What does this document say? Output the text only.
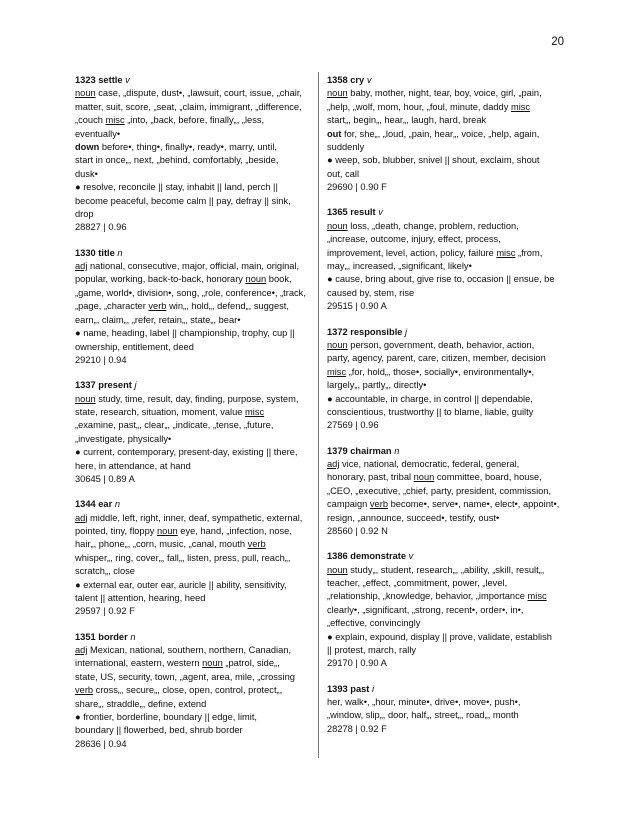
20
1323 settle v
noun case, „dispute, dust•, „lawsuit, court, issue, „chair,
matter, suit, score, „seat, „claim, immigrant, „difference,
„couch misc „into, „back, before, finally„, „less,
eventually•
down before•, thing•, finally•, ready•, marry, until,
start in once„, next, „behind, comfortably, „beside,
dusk•
● resolve, reconcile || stay, inhabit || land, perch ||
become peaceful, become calm || pay, defray || sink,
drop
28827 | 0.96
1330 title n
adj national, consecutive, major, official, main, original,
popular, working, back-to-back, honorary noun book,
„game, world•, division•, song, „role, conference•, „track,
„page, „character verb win„, hold„, defend„, suggest,
earn„, claim„, „refer, retain„, state„, bear•
● name, heading, label || championship, trophy, cup ||
ownership, entitlement, deed
29210 | 0.94
1337 present j
noun study, time, result, day, finding, purpose, system,
state, research, situation, moment, value misc
„examine, past„, clear„, „indicate, „tense, „future,
„investigate, physically•
● current, contemporary, present-day, existing || there,
here, in attendance, at hand
30645 | 0.89 A
1344 ear n
adj middle, left, right, inner, deaf, sympathetic, external,
pointed, tiny, floppy noun eye, hand, „infection, nose,
hair„, phone„, „corn, music, „canal, mouth verb
whisper„, ring, cover„, fall„, listen, press, pull, reach„,
scratch„, close
● external ear, outer ear, auricle || ability, sensitivity,
talent || attention, hearing, heed
29597 | 0.92 F
1351 border n
adj Mexican, national, southern, northern, Canadian,
international, eastern, western noun „patrol, side„,
state, US, security, town, „agent, area, mile, „crossing
verb cross„, secure„, close, open, control, protect„,
share„, straddle„, define, extend
● frontier, borderline, boundary || edge, limit,
boundary || flowerbed, bed, shrub border
28636 | 0.94
1358 cry v
noun baby, mother, night, tear, boy, voice, girl, „pain,
„help, „wolf, mom, hour, „foul, minute, daddy misc
start„, begin„, hear„, laugh, hard, break
out for, she„, „loud, „pain, hear„, voice, „help, again,
suddenly
● weep, sob, blubber, snivel || shout, exclaim, shout
out, call
29690 | 0.90 F
1365 result v
noun loss, „death, change, problem, reduction,
„increase, outcome, injury, effect, process,
improvement, level, action, policy, failure misc „from,
may„, increased, „significant, likely•
● cause, bring about, give rise to, occasion || ensue, be
caused by, stem, rise
29515 | 0.90 A
1372 responsible j
noun person, government, death, behavior, action,
party, agency, parent, care, citizen, member, decision
misc „for, hold„, those•, socially•, environmentally•,
largely„, partly„, directly•
● accountable, in charge, in control || dependable,
conscientious, trustworthy || to blame, liable, guilty
27569 | 0.96
1379 chairman n
adj vice, national, democratic, federal, general,
honorary, past, tribal noun committee, board, house,
„CEO, „executive, „chief, party, president, commission,
campaign verb become•, serve•, name•, elect•, appoint•,
resign, „announce, succeed•, testify, oust•
28560 | 0.92 N
1386 demonstrate v
noun study„, student, research„, „ability, „skill, result„,
teacher, „effect, „commitment, power, „level,
„relationship, „knowledge, behavior, „importance misc
clearly•, „significant, „strong, recent•, order•, in•,
„effective, convincingly
● explain, expound, display || prove, validate, establish
|| protest, march, rally
29170 | 0.90 A
1393 past i
her, walk•, „hour, minute•, drive•, move•, push•,
„window, slip„, door, half„, street„, road„, month
28278 | 0.92 F
